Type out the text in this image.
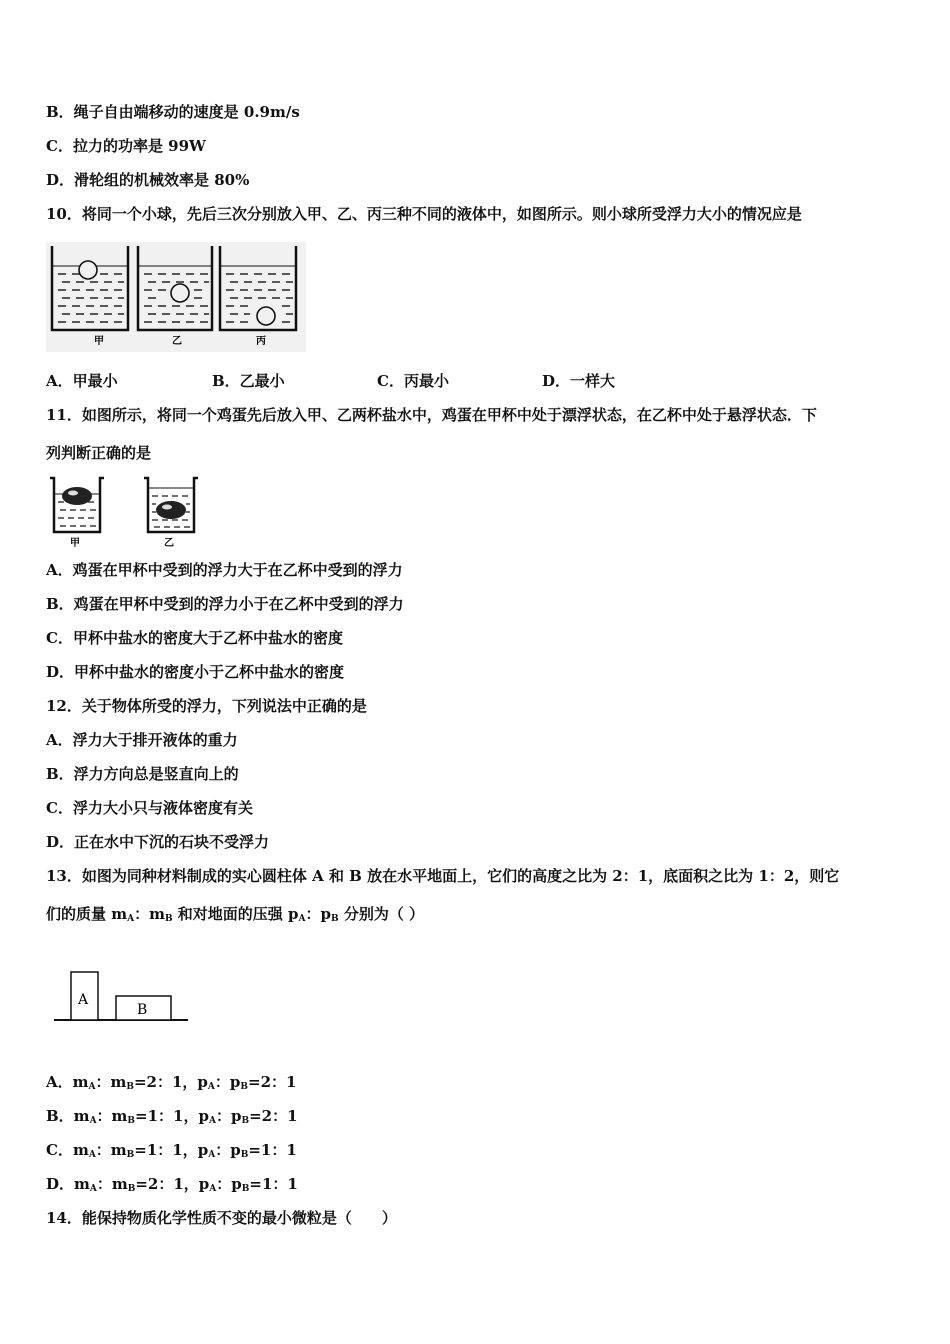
B．绳子自由端移动的速度是 0.9m/s
C．拉力的功率是 99W
D．滑轮组的机械效率是 80%
10．将同一个小球，先后三次分别放入甲、乙、丙三种不同的液体中，如图所示。则小球所受浮力大小的情况应是
甲	乙	丙
A．甲最小	B．乙最小	C．丙最小	D．一样大
11．如图所示，将同一个鸡蛋先后放入甲、乙两杯盐水中，鸡蛋在甲杯中处于漂浮状态，在乙杯中处于悬浮状态．下
列判断正确的是
甲	乙
A．鸡蛋在甲杯中受到的浮力大于在乙杯中受到的浮力
B．鸡蛋在甲杯中受到的浮力小于在乙杯中受到的浮力
C．甲杯中盐水的密度大于乙杯中盐水的密度
D．甲杯中盐水的密度小于乙杯中盐水的密度
12．关于物体所受的浮力，下列说法中正确的是
A．浮力大于排开液体的重力
B．浮力方向总是竖直向上的
C．浮力大小只与液体密度有关
D．正在水中下沉的石块不受浮力
13．如图为同种材料制成的实心圆柱体 A 和 B 放在水平地面上，它们的高度之比为 2：1，底面积之比为 1：2，则它
们的质量 $m_A$：$m_B$ 和对地面的压强 $p_A$：$p_B$ 分别为（ ）
A
B
A．$m_A$：$m_B=2$：1，$p_A$：$p_B=2$：1
B．$m_A$：$m_B=1$：1，$p_A$：$p_B=2$：1
C．$m_A$：$m_B=1$：1，$p_A$：$p_B=1$：1
D．$m_A$：$m_B=2$：1，$p_A$：$p_B=1$：1
14．能保持物质化学性质不变的最小微粒是（　　）
